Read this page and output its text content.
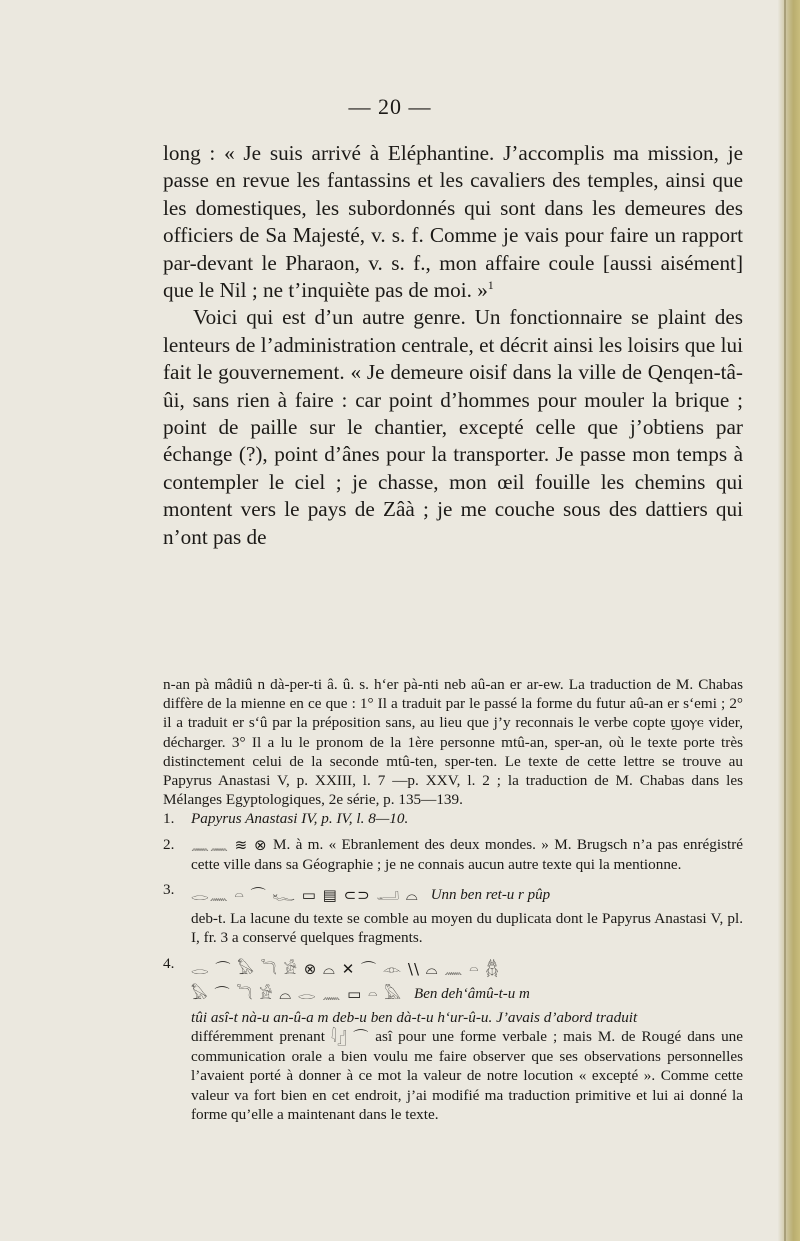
— 20 —

long : « Je suis arrivé à Eléphantine. J’accomplis ma mission, je passe en revue les fantassins et les cavaliers des temples, ainsi que les domestiques, les subordonnés qui sont dans les demeures des officiers de Sa Majesté, v. s. f. Comme je vais pour faire un rapport par-devant le Pharaon, v. s. f., mon affaire coule [aussi aisément] que le Nil ; ne t’inquiète pas de moi. »$^1$

Voici qui est d’un autre genre. Un fonctionnaire se plaint des lenteurs de l’administration centrale, et décrit ainsi les loisirs que lui fait le gouvernement. « Je demeure oisif dans la ville de Qenqen-tâ-ûi, sans rien à faire : car point d’hommes pour mouler la brique ; point de paille sur le chantier, excepté celle que j’obtiens par échange (?), point d’ânes pour la transporter. Je passe mon temps à contempler le ciel ; je chasse, mon œil fouille les chemins qui montent vers le pays de Zâà ; je me couche sous des dattiers qui n’ont pas de

n-an pà mâdiû n dà-per-ti â. û. s. h‘er pà-nti neb aû-an er ar-ew. La traduction de M. Chabas diffère de la mienne en ce que : 1° Il a traduit par le passé la forme du futur aû-an er s‘emi ; 2° il a traduit er s‘û par la préposition sans, au lieu que j’y reconnais le verbe copte ϣⲟⲩⲉ vider, décharger. 3° Il a lu le pronom de la 1ère personne mtû-an, sper-an, où le texte porte très distinctement celui de la seconde mtû-ten, sper-ten. Le texte de cette lettre se trouve au Papyrus Anastasi V, p. XXIII, l. 7 —p. XXV, l. 2 ; la traduction de M. Chabas dans les Mélanges Egyptologiques, 2e série, p. 135—139.

1.	Papyrus Anastasi IV, p. IV, l. 8—10.
2.	𓈖𓈖 ≋ ⊗ M. à m. « Ebranlement des deux mondes. » M. Brugsch n’a pas enrégistré cette ville dans sa Géographie ; je ne connais aucun autre texte qui la mentionne.
3.	𓂋𓈖 𓏏 ⌒ 𓆑 ▭ ▤ ⊂⊃ 𓂝 ⌓ Unn ben ret-u r pûp
deb-t. La lacune du texte se comble au moyen du duplicata dont le Papyrus Anastasi V, pl. I, fr. 3 a conservé quelques fragments.
4.	𓂋 ⌒ 𓅃 𓆓 𓀀 ⊗ ⌓ ✕ ⌒ 𓁹 \\ ⌓ 𓈖 𓏏 𓆣
𓅃 ⌒ 𓆓 𓀀 ⌓ 𓂋 𓈖 ▭ 𓏏 𓅓 Ben deh‘âmû-t-u m
tûi asî-t nà-u an-û-a m deb-u ben dà-t-u h‘ur-û-u. J’avais d’abord traduit
différemment prenant 𓇋𓊨 ⌒ asî pour une forme verbale ; mais M. de Rougé dans une communication orale a bien voulu me faire observer que ses observations personnelles l’avaient porté à donner à ce mot la valeur de notre locution « excepté ». Comme cette valeur va fort bien en cet endroit, j’ai modifié ma traduction primitive et lui ai donné la forme qu’elle a maintenant dans le texte.
